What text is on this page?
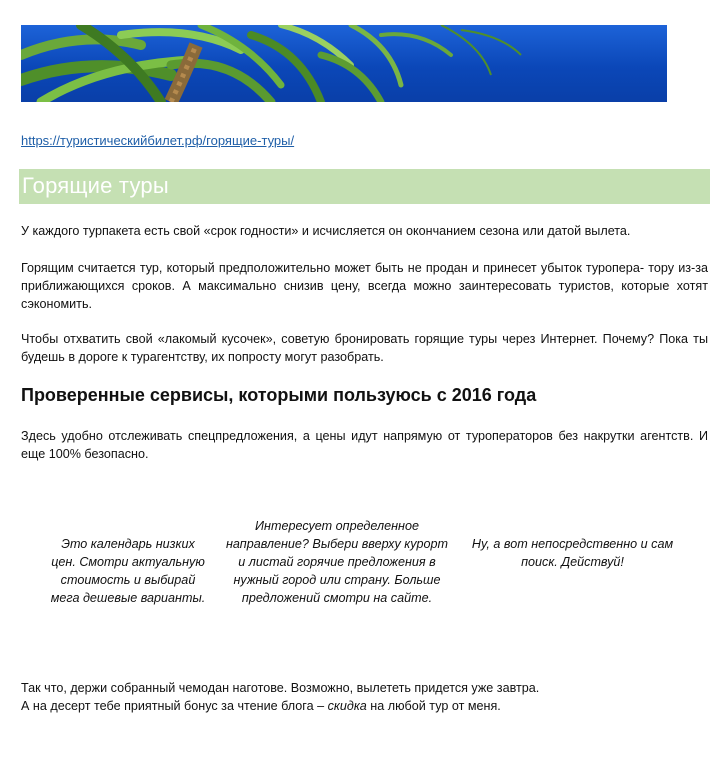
https://туристическийбилет.рф/горящие-туры/
Горящие туры

У каждого турпакета есть свой «срок годности» и исчисляется он окончанием сезона или датой вылета.

Горящим считается тур, который предположительно может быть не продан и принесет убыток туропера- тору из-за приближающихся сроков. А максимально снизив цену, всегда можно заинтересовать туристов, которые хотят сэкономить.

Чтобы отхватить свой «лакомый кусочек», советую бронировать горящие туры через Интернет. Почему? Пока ты будешь в дороге к турагентству, их попросту могут разобрать.

Проверенные сервисы, которыми пользуюсь с 2016 года

Здесь удобно отслеживать спецпредложения, а цены идут напрямую от туроператоров без накрутки агентств. И еще 100% безопасно.

Это календарь низких цен. Смотри актуальную стоимость и выбирай мега дешевые варианты.

Интересует определенное направление? Выбери вверху курорт и листай горячие предложения в нужный город или страну. Больше предложений смотри на сайте.

Ну, а вот непосредственно и сам поиск. Действуй!

Так что, держи собранный чемодан наготове. Возможно, вылететь придется уже завтра.
А на десерт тебе приятный бонус за чтение блога – скидка на любой тур от меня.
